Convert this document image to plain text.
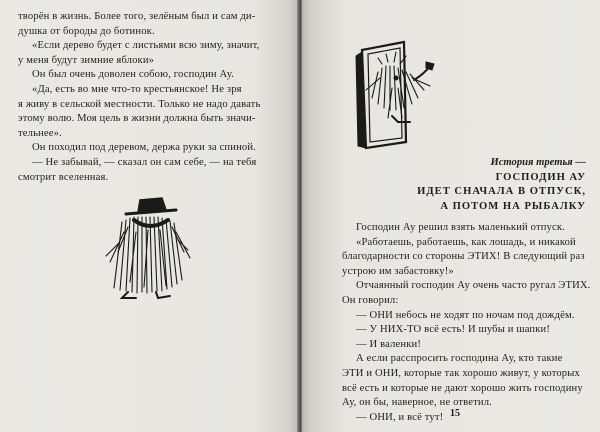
творён в жизнь. Более того, зелёным был и сам ди-

душка от бороды до ботинок.

«Если дерево будет с листьями всю зиму, значит,

у меня будут зимние яблоки»

Он был очень доволен собою, господин Ау.

«Да, есть во мне что-то крестьянское! Не зря

я живу в сельской местности. Только не надо давать

этому волю. Моя цель в жизни должна быть значи-

тельнее».

Он походил под деревом, держа руки за спиной.

— Не забывай, — сказал он сам себе, — на тебя

смотрит вселенная.

История третья —
ГОСПОДИН АУ
ИДЕТ СНАЧАЛА В ОТПУСК,
А ПОТОМ НА РЫБАЛКУ

Господин Ау решил взять маленький отпуск.

«Работаешь, работаешь, как лошадь, и никакой

благодарности со стороны ЭТИХ! В следующий раз

устрою им забастовку!»

Отчаянный господин Ау очень часто ругал ЭТИХ.

Он говорил:

— ОНИ небось не ходят по ночам под дождём.

— У НИХ-ТО всё есть! И шубы и шапки!

— И валенки!

А если расспросить господина Ау, кто такие

ЭТИ и ОНИ, которые так хорошо живут, у которых

всё есть и которые не дают хорошо жить господину

Ау, он бы, наверное, не ответил.

— ОНИ, и всё тут! 15
